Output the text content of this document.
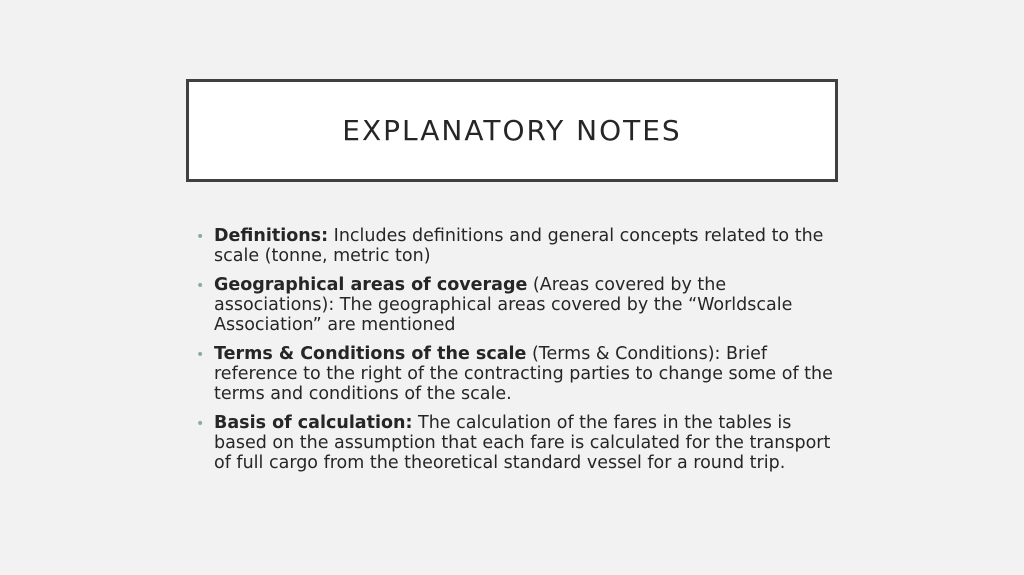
EXPLANATORY NOTES
• Definitions: Includes definitions and general concepts related to the scale (tonne, metric ton)
• Geographical areas of coverage (Areas covered by the associations): The geographical areas covered by the “Worldscale Association” are mentioned
• Terms & Conditions of the scale (Terms & Conditions): Brief reference to the right of the contracting parties to change some of the terms and conditions of the scale.
• Basis of calculation: The calculation of the fares in the tables is based on the assumption that each fare is calculated for the transport of full cargo from the theoretical standard vessel for a round trip.
